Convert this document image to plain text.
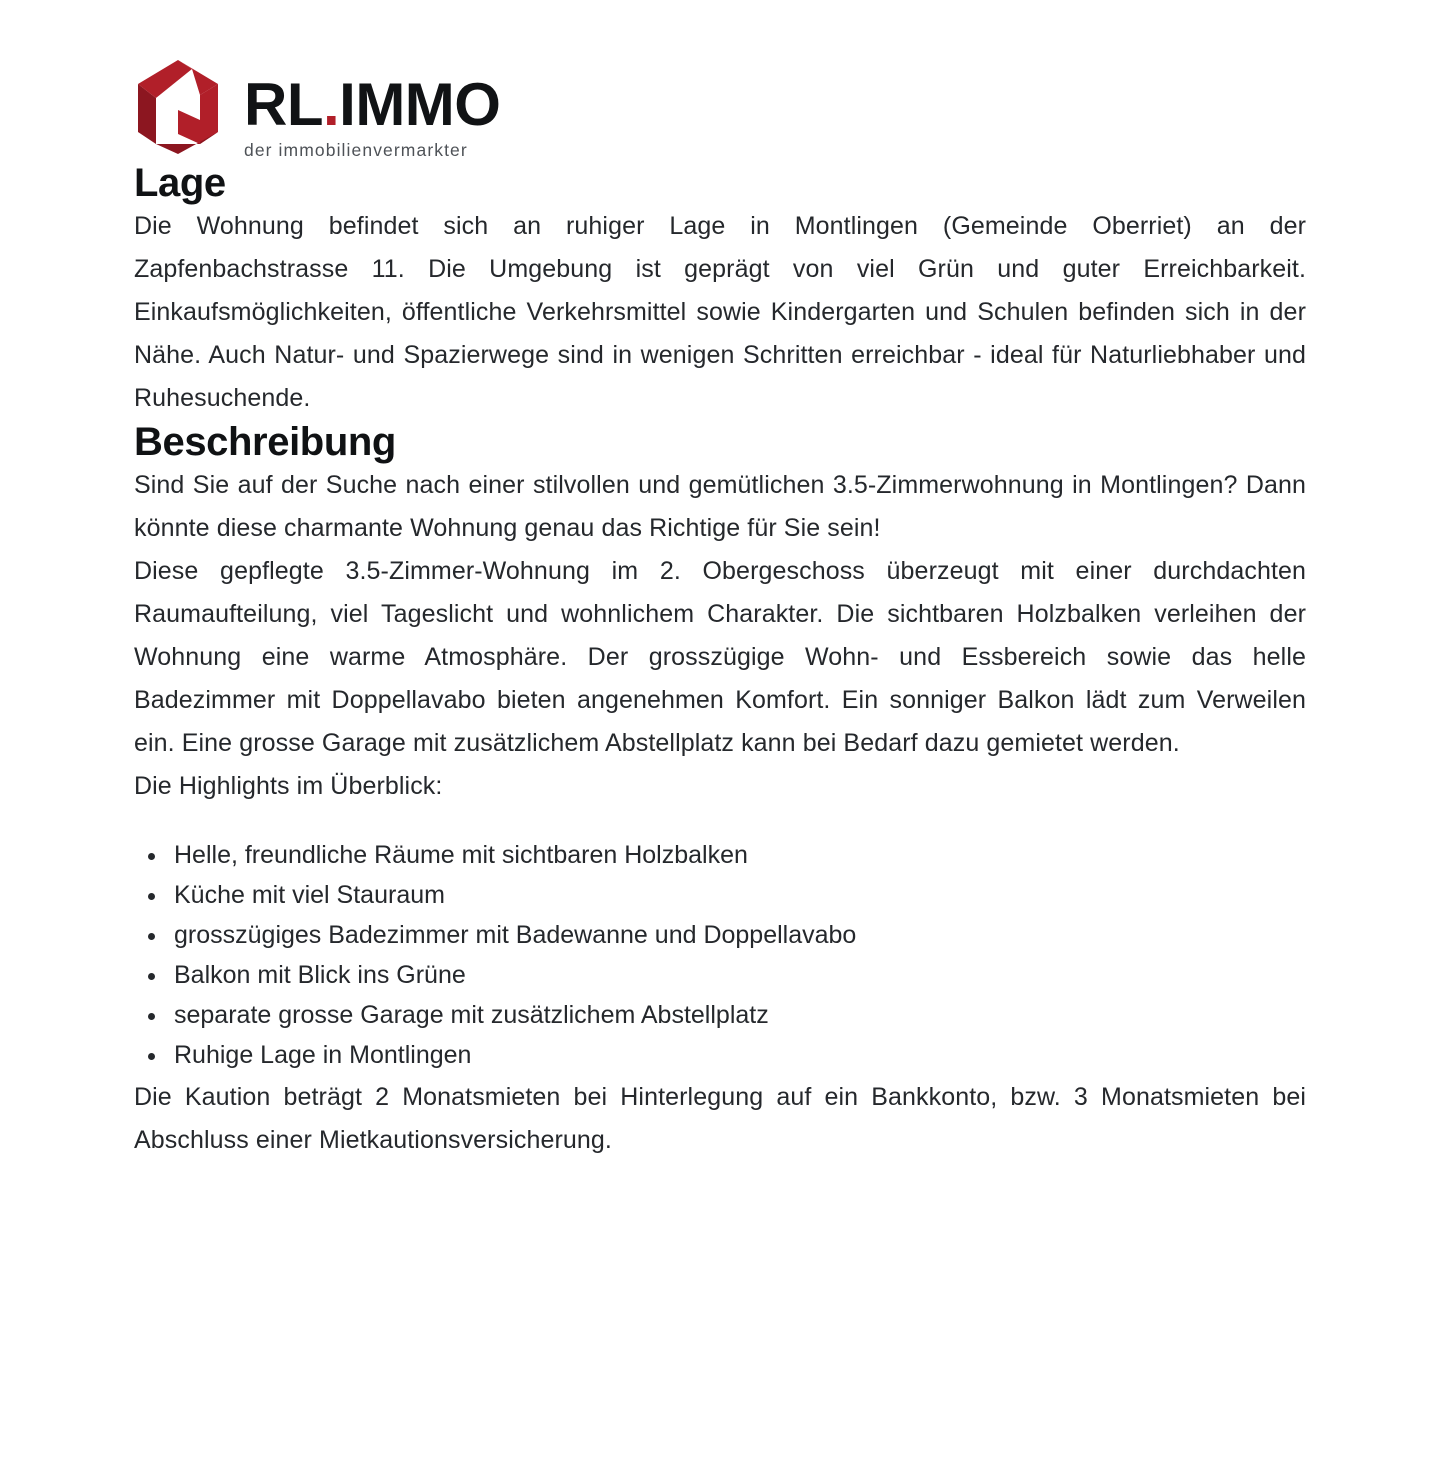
RL.IMMO
der immobilienvermarkter
Lage

Die Wohnung befindet sich an ruhiger Lage in Montlingen (Gemeinde Oberriet) an der Zapfenbachstrasse 11. Die Umgebung ist geprägt von viel Grün und guter Erreichbarkeit. Einkaufsmöglichkeiten, öffentliche Verkehrsmittel sowie Kindergarten und Schulen befinden sich in der Nähe. Auch Natur- und Spazierwege sind in wenigen Schritten erreichbar - ideal für Naturliebhaber und Ruhesuchende.

Beschreibung

Sind Sie auf der Suche nach einer stilvollen und gemütlichen 3.5-Zimmerwohnung in Montlingen? Dann könnte diese charmante Wohnung genau das Richtige für Sie sein!

Diese gepflegte 3.5-Zimmer-Wohnung im 2. Obergeschoss überzeugt mit einer durchdachten Raumaufteilung, viel Tageslicht und wohnlichem Charakter. Die sichtbaren Holzbalken verleihen der Wohnung eine warme Atmosphäre. Der grosszügige Wohn- und Essbereich sowie das helle Badezimmer mit Doppellavabo bieten angenehmen Komfort. Ein sonniger Balkon lädt zum Verweilen ein. Eine grosse Garage mit zusätzlichem Abstellplatz kann bei Bedarf dazu gemietet werden.

Die Highlights im Überblick:

Helle, freundliche Räume mit sichtbaren Holzbalken
Küche mit viel Stauraum
grosszügiges Badezimmer mit Badewanne und Doppellavabo
Balkon mit Blick ins Grüne
separate grosse Garage mit zusätzlichem Abstellplatz
Ruhige Lage in Montlingen

Die Kaution beträgt 2 Monatsmieten bei Hinterlegung auf ein Bankkonto, bzw. 3 Monatsmieten bei Abschluss einer Mietkautionsversicherung.
